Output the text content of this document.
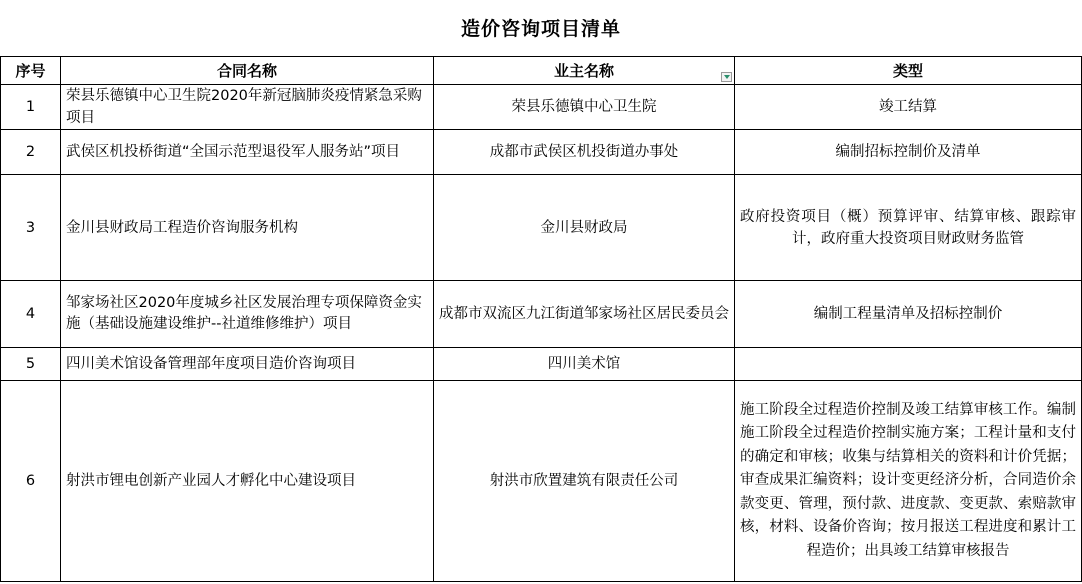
造价咨询项目清单
序号	合同名称	业主名称	类型
1	荣县乐德镇中心卫生院2020年新冠脑肺炎疫情紧急采购项目	荣县乐德镇中心卫生院	竣工结算
2	武侯区机投桥街道“全国示范型退役军人服务站”项目	成都市武侯区机投街道办事处	编制招标控制价及清单
3	金川县财政局工程造价咨询服务机构	金川县财政局	政府投资项目（概）预算评审、结算审核、跟踪审计，政府重大投资项目财政财务监管
4	邹家场社区2020年度城乡社区发展治理专项保障资金实施（基础设施建设维护--社道维修维护）项目	成都市双流区九江街道邹家场社区居民委员会	编制工程量清单及招标控制价
5	四川美术馆设备管理部年度项目造价咨询项目	四川美术馆	
6	射洪市锂电创新产业园人才孵化中心建设项目	射洪市欣置建筑有限责任公司	施工阶段全过程造价控制及竣工结算审核工作。编制施工阶段全过程造价控制实施方案；工程计量和支付的确定和审核；收集与结算相关的资料和计价凭据；审查成果汇编资料；设计变更经济分析，合同造价余款变更、管理，预付款、进度款、变更款、索赔款审核，材料、设备价咨询；按月报送工程进度和累计工程造价；出具竣工结算审核报告
